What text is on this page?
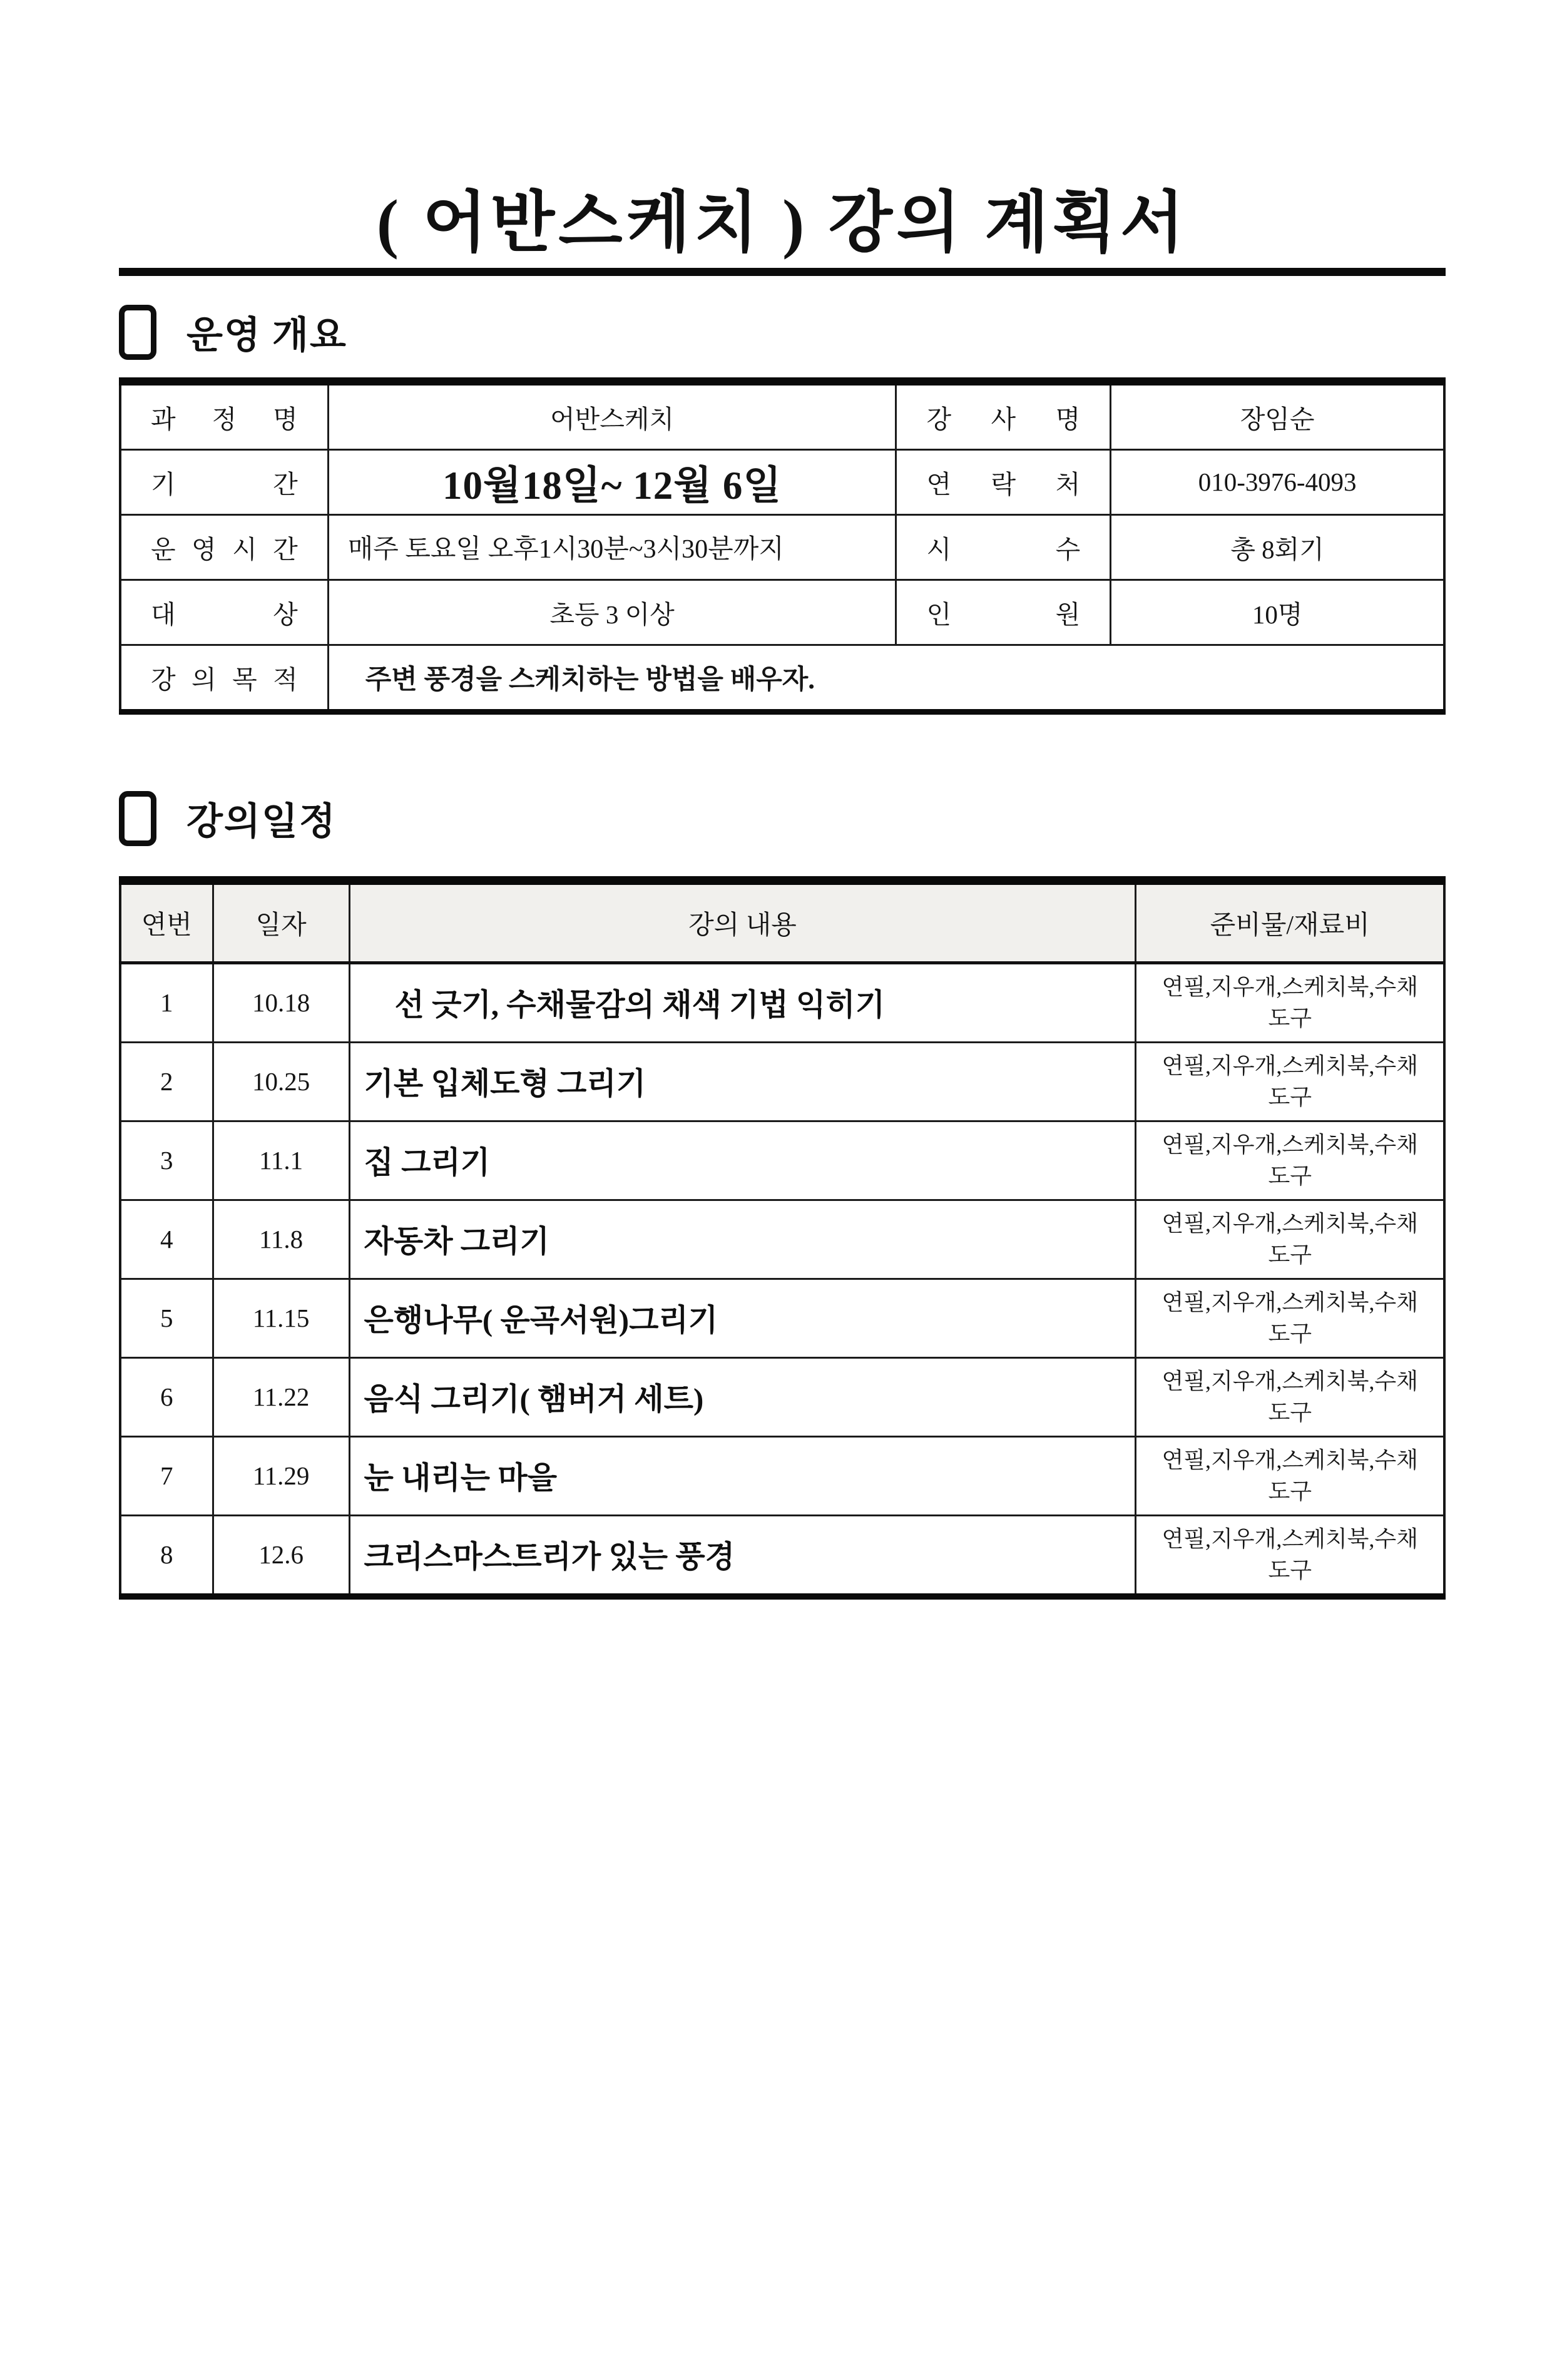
( 어반스케치 ) 강의 계획서
운영 개요
과 정 명	어반스케치	강 사 명	장임순

기 간	10월18일~ 12월 6일	연 락 처	010-3976-4093

운 영 시 간	매주 토요일 오후1시30분~3시30분까지	시 수	총 8회기

대 상	초등 3 이상	인 원	10명

강 의 목 적	주변 풍경을 스케치하는 방법을 배우자.		
강의일정
연번	일자	강의 내용	준비물/재료비
1	10.18	　선 긋기, 수채물감의 채색 기법 익히기	연필,지우개,스케치북,수채
도구

2	10.25	기본 입체도형 그리기	연필,지우개,스케치북,수채
도구

3	11.1	집 그리기	연필,지우개,스케치북,수채
도구

4	11.8	자동차 그리기	연필,지우개,스케치북,수채
도구

5	11.15	은행나무( 운곡서원)그리기	연필,지우개,스케치북,수채
도구

6	11.22	음식 그리기( 햄버거 세트)	연필,지우개,스케치북,수채
도구

7	11.29	눈 내리는 마을	연필,지우개,스케치북,수채
도구

8	12.6	크리스마스트리가 있는 풍경	연필,지우개,스케치북,수채
도구
